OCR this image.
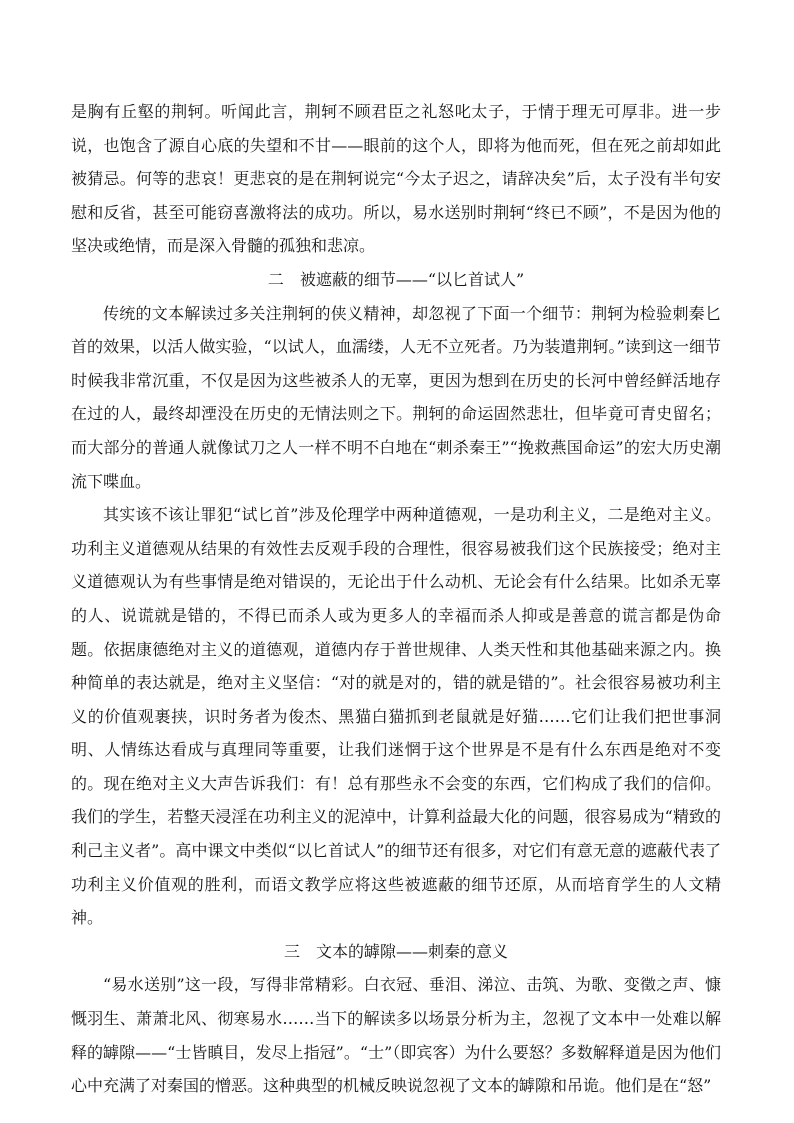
是胸有丘壑的荆轲。听闻此言，荆轲不顾君臣之礼怒叱太子，于情于理无可厚非。进一步说，也饱含了源自心底的失望和不甘——眼前的这个人，即将为他而死，但在死之前却如此被猜忌。何等的悲哀！更悲哀的是在荆轲说完“今太子迟之，请辞决矣”后，太子没有半句安慰和反省，甚至可能窃喜激将法的成功。所以，易水送别时荆轲“终已不顾”，不是因为他的坚决或绝情，而是深入骨髓的孤独和悲凉。

二　被遮蔽的细节——“以匕首试人”

传统的文本解读过多关注荆轲的侠义精神，却忽视了下面一个细节：荆轲为检验刺秦匕首的效果，以活人做实验，“以试人，血濡缕，人无不立死者。乃为装遣荆轲。”读到这一细节时候我非常沉重，不仅是因为这些被杀人的无辜，更因为想到在历史的长河中曾经鲜活地存在过的人，最终却湮没在历史的无情法则之下。荆轲的命运固然悲壮，但毕竟可青史留名；而大部分的普通人就像试刀之人一样不明不白地在“刺杀秦王”“挽救燕国命运”的宏大历史潮流下喋血。

其实该不该让罪犯“试匕首”涉及伦理学中两种道德观，一是功利主义，二是绝对主义。功利主义道德观从结果的有效性去反观手段的合理性，很容易被我们这个民族接受；绝对主义道德观认为有些事情是绝对错误的，无论出于什么动机、无论会有什么结果。比如杀无辜的人、说谎就是错的，不得已而杀人或为更多人的幸福而杀人抑或是善意的谎言都是伪命题。依据康德绝对主义的道德观，道德内存于普世规律、人类天性和其他基础来源之内。换种简单的表达就是，绝对主义坚信：“对的就是对的，错的就是错的”。社会很容易被功利主义的价值观裹挟，识时务者为俊杰、黑猫白猫抓到老鼠就是好猫……它们让我们把世事洞明、人情练达看成与真理同等重要，让我们迷惘于这个世界是不是有什么东西是绝对不变的。现在绝对主义大声告诉我们：有！总有那些永不会变的东西，它们构成了我们的信仰。我们的学生，若整天浸淫在功利主义的泥淖中，计算利益最大化的问题，很容易成为“精致的利己主义者”。高中课文中类似“以匕首试人”的细节还有很多，对它们有意无意的遮蔽代表了功利主义价值观的胜利，而语文教学应将这些被遮蔽的细节还原，从而培育学生的人文精神。

三　文本的罅隙——刺秦的意义

“易水送别”这一段，写得非常精彩。白衣冠、垂泪、涕泣、击筑、为歌、变徵之声、慷慨羽生、萧萧北风、彻寒易水……当下的解读多以场景分析为主，忽视了文本中一处难以解释的罅隙——“士皆瞋目，发尽上指冠”。“士”（即宾客）为什么要怒？多数解释道是因为他们心中充满了对秦国的憎恶。这种典型的机械反映说忽视了文本的罅隙和吊诡。他们是在“怒”
